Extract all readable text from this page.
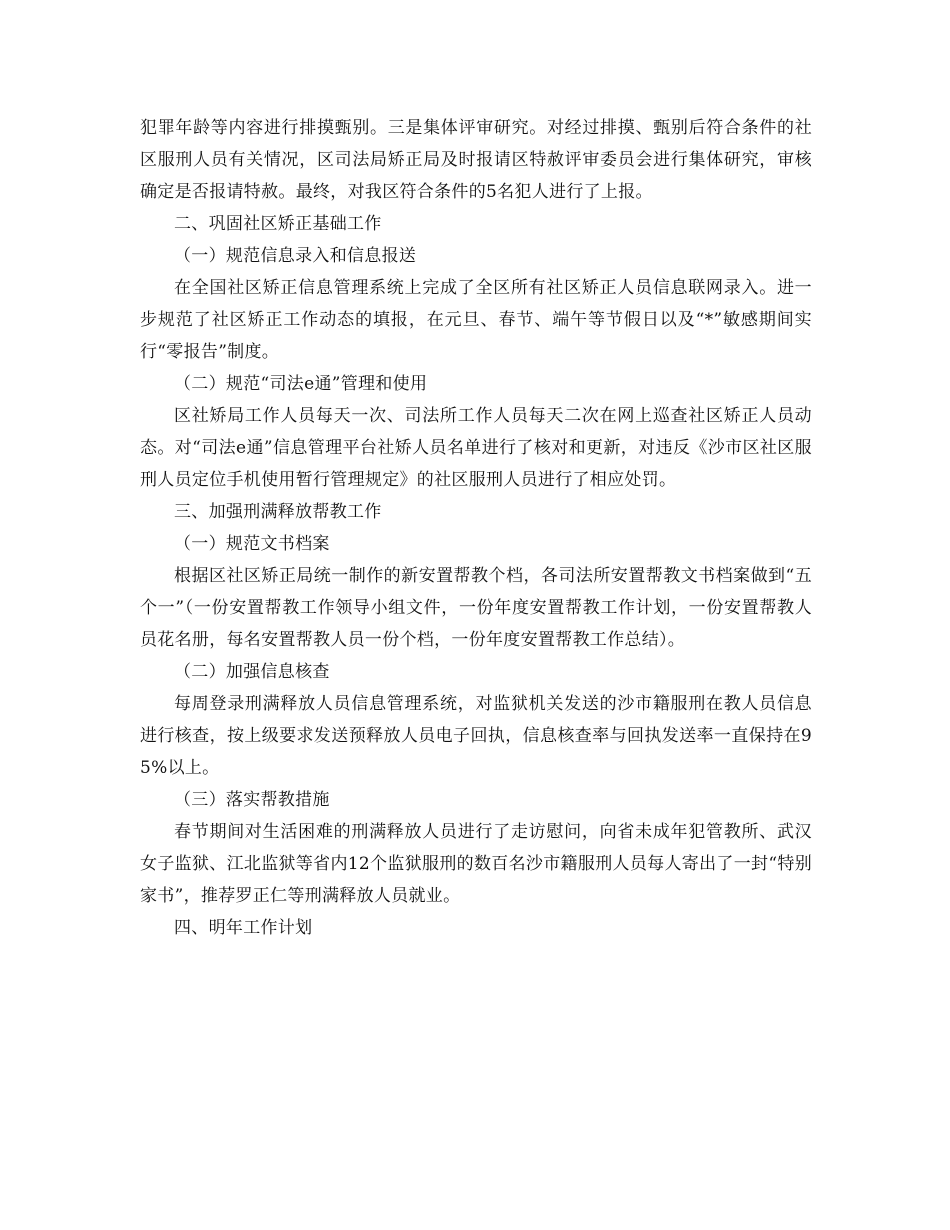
犯罪年龄等内容进行排摸甄别。三是集体评审研究。对经过排摸、甄别后符合条件的社区服刑人员有关情况，区司法局矫正局及时报请区特赦评审委员会进行集体研究，审核确定是否报请特赦。最终，对我区符合条件的5名犯人进行了上报。

二、巩固社区矫正基础工作

（一）规范信息录入和信息报送

在全国社区矫正信息管理系统上完成了全区所有社区矫正人员信息联网录入。进一步规范了社区矫正工作动态的填报，在元旦、春节、端午等节假日以及“*”敏感期间实行“零报告”制度。

（二）规范“司法e通”管理和使用

区社矫局工作人员每天一次、司法所工作人员每天二次在网上巡查社区矫正人员动态。对“司法e通”信息管理平台社矫人员名单进行了核对和更新，对违反《沙市区社区服刑人员定位手机使用暂行管理规定》的社区服刑人员进行了相应处罚。

三、加强刑满释放帮教工作

（一）规范文书档案

根据区社区矫正局统一制作的新安置帮教个档，各司法所安置帮教文书档案做到“五个一”（一份安置帮教工作领导小组文件，一份年度安置帮教工作计划，一份安置帮教人员花名册，每名安置帮教人员一份个档，一份年度安置帮教工作总结）。

（二）加强信息核查

每周登录刑满释放人员信息管理系统，对监狱机关发送的沙市籍服刑在教人员信息进行核查，按上级要求发送预释放人员电子回执，信息核查率与回执发送率一直保持在95%以上。

（三）落实帮教措施

春节期间对生活困难的刑满释放人员进行了走访慰问，向省未成年犯管教所、武汉女子监狱、江北监狱等省内12个监狱服刑的数百名沙市籍服刑人员每人寄出了一封“特别家书”，推荐罗正仁等刑满释放人员就业。

四、明年工作计划
